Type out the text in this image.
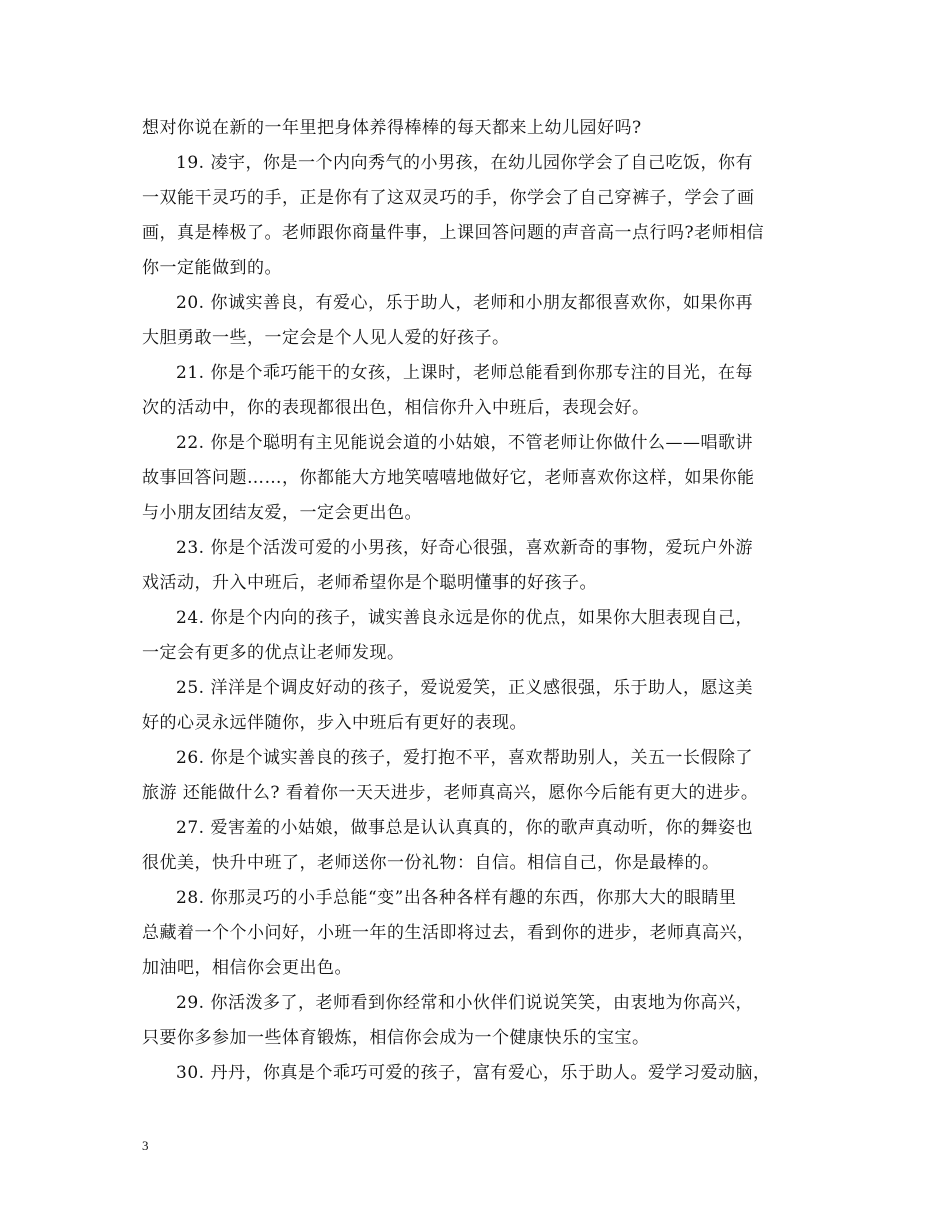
想对你说在新的一年里把身体养得棒棒的每天都来上幼儿园好吗?
19. 凌宇，你是一个内向秀气的小男孩，在幼儿园你学会了自己吃饭，你有
一双能干灵巧的手，正是你有了这双灵巧的手，你学会了自己穿裤子，学会了画
画，真是棒极了。老师跟你商量件事，上课回答问题的声音高一点行吗?老师相信
你一定能做到的。
20. 你诚实善良，有爱心，乐于助人，老师和小朋友都很喜欢你，如果你再
大胆勇敢一些，一定会是个人见人爱的好孩子。
21. 你是个乖巧能干的女孩，上课时，老师总能看到你那专注的目光，在每
次的活动中，你的表现都很出色，相信你升入中班后，表现会好。
22. 你是个聪明有主见能说会道的小姑娘，不管老师让你做什么——唱歌讲
故事回答问题……，你都能大方地笑嘻嘻地做好它，老师喜欢你这样，如果你能
与小朋友团结友爱，一定会更出色。
23. 你是个活泼可爱的小男孩，好奇心很强，喜欢新奇的事物，爱玩户外游
戏活动，升入中班后，老师希望你是个聪明懂事的好孩子。
24. 你是个内向的孩子，诚实善良永远是你的优点，如果你大胆表现自己，
一定会有更多的优点让老师发现。
25. 洋洋是个调皮好动的孩子，爱说爱笑，正义感很强，乐于助人，愿这美
好的心灵永远伴随你，步入中班后有更好的表现。
26. 你是个诚实善良的孩子，爱打抱不平，喜欢帮助别人，关五一长假除了
旅游 还能做什么? 看着你一天天进步，老师真高兴，愿你今后能有更大的进步。
27. 爱害羞的小姑娘，做事总是认认真真的，你的歌声真动听，你的舞姿也
很优美，快升中班了，老师送你一份礼物：自信。相信自己，你是最棒的。
28. 你那灵巧的小手总能“变”出各种各样有趣的东西，你那大大的眼睛里
总藏着一个个小问好，小班一年的生活即将过去，看到你的进步，老师真高兴，
加油吧，相信你会更出色。
29. 你活泼多了，老师看到你经常和小伙伴们说说笑笑，由衷地为你高兴，
只要你多参加一些体育锻炼，相信你会成为一个健康快乐的宝宝。
30. 丹丹，你真是个乖巧可爱的孩子，富有爱心，乐于助人。爱学习爱动脑，
3
